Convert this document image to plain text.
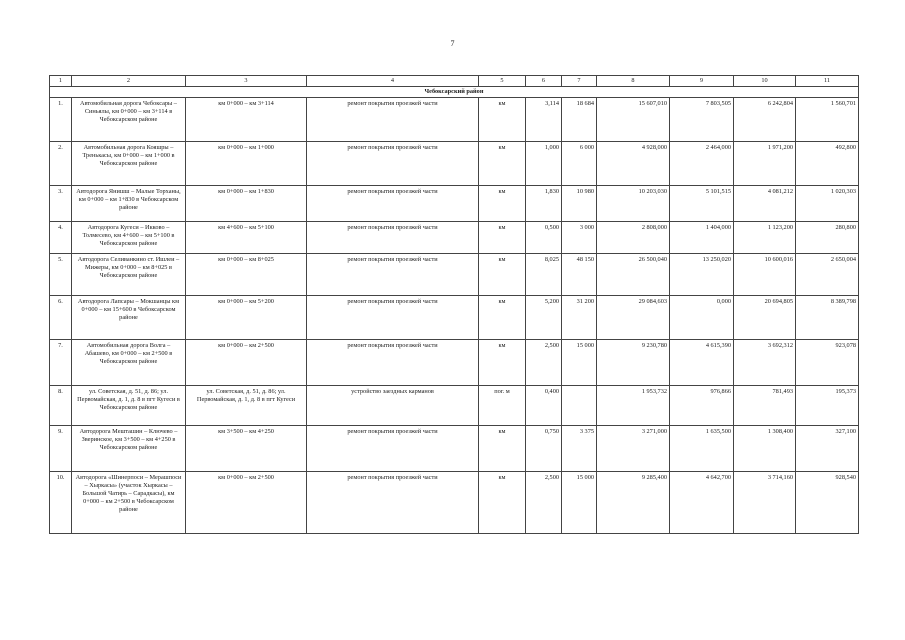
7
1	2	3	4	5	6	7	8	9	10	11
Чебоксарский район										
1.	Автомобильная дорога Чебоксары – Синьялы, км 0+000 – км 3+114 в Чебоксарском районе	км 0+000 – км 3+114	ремонт покрытия проезжей части	км	3,114	18 684	15 607,010	7 803,505	6 242,804	1 560,701
2.	Автомобильная дорога Кояшры – Тренькасы, км 0+000 – км 1+000 в Чебоксарском районе	км 0+000 – км 1+000	ремонт покрытия проезжей части	км	1,000	6 000	4 928,000	2 464,000	1 971,200	492,800
3.	Автодорога Янишш – Малые Торханы, км 0+000 – км 1+830 в Чебоксарском районе	км 0+000 – км 1+830	ремонт покрытия проезжей части	км	1,830	10 980	10 203,030	5 101,515	4 081,212	1 020,303
4.	Автодорога Кугеси – Икково – Толмесево, км 4+600 – км 5+100 в Чебоксарском районе	км 4+600 – км 5+100	ремонт покрытия проезжей части	км	0,500	3 000	2 808,000	1 404,000	1 123,200	280,800
5.	Автодорога Селиванкино ст. Ишлеи – Мижеры, км 0+000 – км 8+025 в Чебоксарском районе	км 0+000 – км 8+025	ремонт покрытия проезжей части	км	8,025	48 150	26 500,040	13 250,020	10 600,016	2 650,004
6.	Автодорога Лапсары – Мокшанцы км 0+000 – км 15+600 в Чебоксарском районе	км 0+000 – км 5+200	ремонт покрытия проезжей части	км	5,200	31 200	29 084,603	0,000	20 694,805	8 389,798
7.	Автомобильная дорога Волга – Абашево, км 0+000 – км 2+500 в Чебоксарском районе	км 0+000 – км 2+500	ремонт покрытия проезжей части	км	2,500	15 000	9 230,780	4 615,390	3 692,312	923,078
8.	ул. Советская, д. 51, д. 86; ул. Первомайская, д. 1, д. 8 в пгт Кугеси в Чебоксарском районе	ул. Советская, д. 51, д. 86; ул. Первомайская, д. 1, д. 8 в пгт Кугеси	устройство заездных карманов	пог. м	0,400		1 953,732	976,866	781,493	195,373
9.	Автодорога Мешташин – Ключево – Зверинское, км 3+500 – км 4+250 в Чебоксарском районе	км 3+500 – км 4+250	ремонт покрытия проезжей части	км	0,750	3 375	3 271,000	1 635,500	1 308,400	327,100
10.	Автодорога «Шинерпоси – Мерашпоси – Хыркасы» (участок Хыркасы – Большой Чатирь – Сарадкасы), км 0+000 – км 2+500 в Чебоксарском районе	км 0+000 – км 2+500	ремонт покрытия проезжей части	км	2,500	15 000	9 285,400	4 642,700	3 714,160	928,540
